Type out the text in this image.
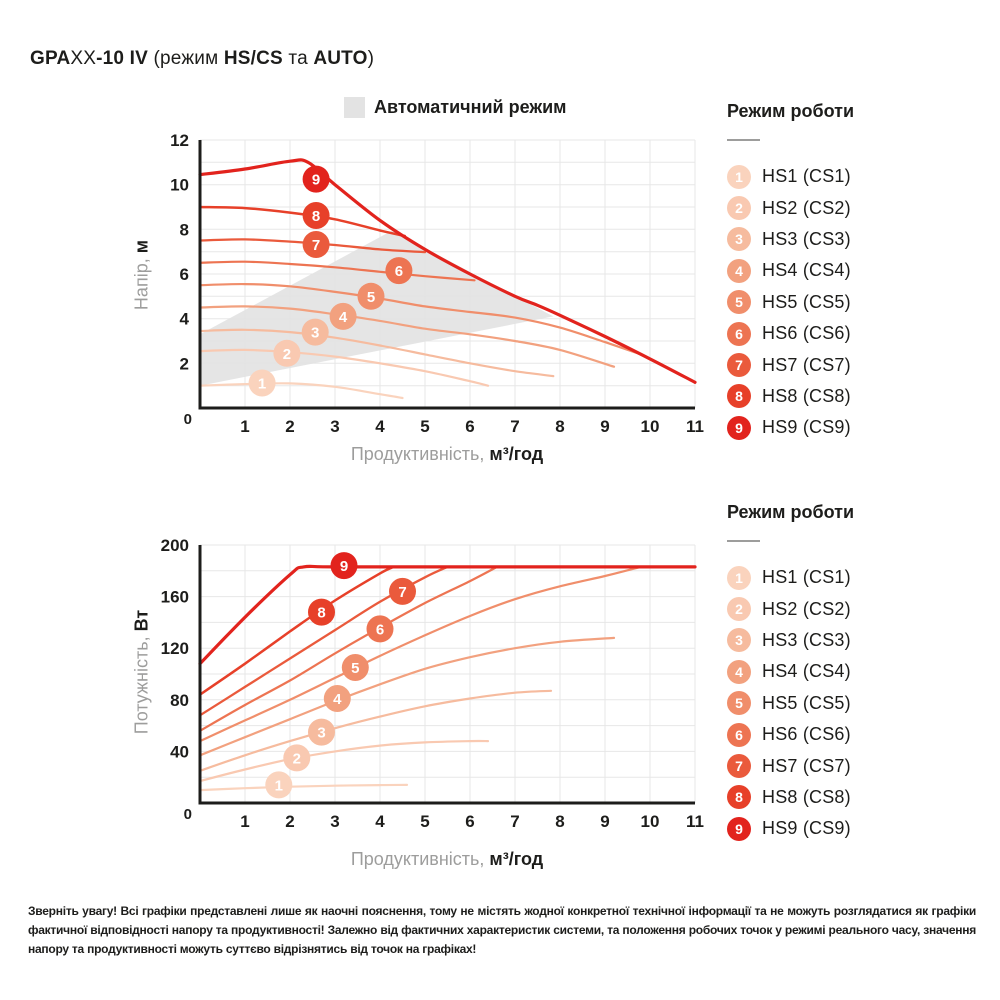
GPAXX-10 IV (режим HS/CS та AUTO)
Автоматичний режим
1
2
3
4
5
6
7
8
9
1 2 3 4 5 6 7 8 9 10 11
2
4
6
8
10
12
0
Напір, м
Продуктивність, м³/год
1
2
3
4
5
6
7
8
9
1 2 3 4 5 6 7 8 9 10 11
40
80
120
160
200
0
Потужність, Вт
Продуктивність, м³/год
Режим роботи
1	HS1 (CS1)
2	HS2 (CS2)
3	HS3 (CS3)
4	HS4 (CS4)
5	HS5 (CS5)
6	HS6 (CS6)
7	HS7 (CS7)
8	HS8 (CS8)
9	HS9 (CS9)
Режим роботи
1	HS1 (CS1)
2	HS2 (CS2)
3	HS3 (CS3)
4	HS4 (CS4)
5	HS5 (CS5)
6	HS6 (CS6)
7	HS7 (CS7)
8	HS8 (CS8)
9	HS9 (CS9)
Зверніть увагу! Всі графіки представлені лише як наочні пояснення, тому не містять жодної конкретної технічної інформації та не можуть розглядатися як графіки фактичної відповідності напору та продуктивності! Залежно від фактичних характеристик системи, та положення робочих точок у режимі реального часу, значення напору та продуктивності можуть суттєво відрізнятись від точок на графіках!
